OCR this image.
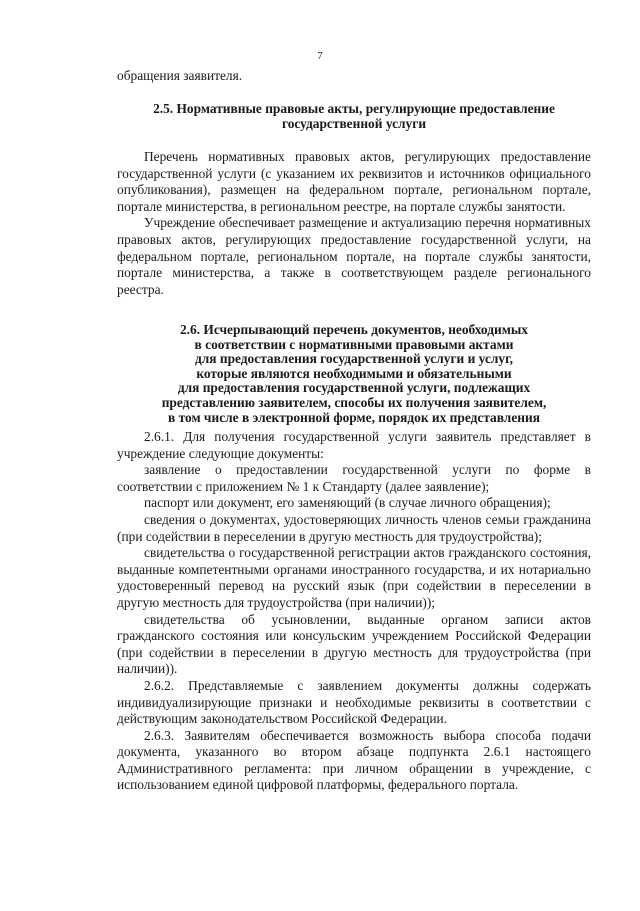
7
обращения заявителя.

2.5. Нормативные правовые акты, регулирующие предоставление

государственной услуги

Перечень нормативных правовых актов, регулирующих предоставление государственной услуги (с указанием их реквизитов и источников официального опубликования), размещен на федеральном портале, региональном портале, портале министерства, в региональном реестре, на портале службы занятости.

Учреждение обеспечивает размещение и актуализацию перечня нормативных правовых актов, регулирующих предоставление государственной услуги, на федеральном портале, региональном портале, на портале службы занятости, портале министерства, а также в соответствующем разделе регионального реестра.

2.6. Исчерпывающий перечень документов, необходимых

в соответствии с нормативными правовыми актами

для предоставления государственной услуги и услуг,

которые являются необходимыми и обязательными

для предоставления государственной услуги, подлежащих

представлению заявителем, способы их получения заявителем,

в том числе в электронной форме, порядок их представления

2.6.1. Для получения государственной услуги заявитель представляет в учреждение следующие документы:

заявление о предоставлении государственной услуги по форме в соответствии с приложением № 1 к Стандарту (далее заявление);

паспорт или документ, его заменяющий (в случае личного обращения);

сведения о документах, удостоверяющих личность членов семьи гражданина (при содействии в переселении в другую местность для трудоустройства);

свидетельства о государственной регистрации актов гражданского состояния, выданные компетентными органами иностранного государства, и их нотариально удостоверенный перевод на русский язык (при содействии в переселении в другую местность для трудоустройства (при наличии));

свидетельства об усыновлении, выданные органом записи актов гражданского состояния или консульским учреждением Российской Федерации (при содействии в переселении в другую местность для трудоустройства (при наличии)).

2.6.2. Представляемые с заявлением документы должны содержать индивидуализирующие признаки и необходимые реквизиты в соответствии с действующим законодательством Российской Федерации.

2.6.3. Заявителям обеспечивается возможность выбора способа подачи документа, указанного во втором абзаце подпункта 2.6.1 настоящего Административного регламента: при личном обращении в учреждение, с использованием единой цифровой платформы, федерального портала.
